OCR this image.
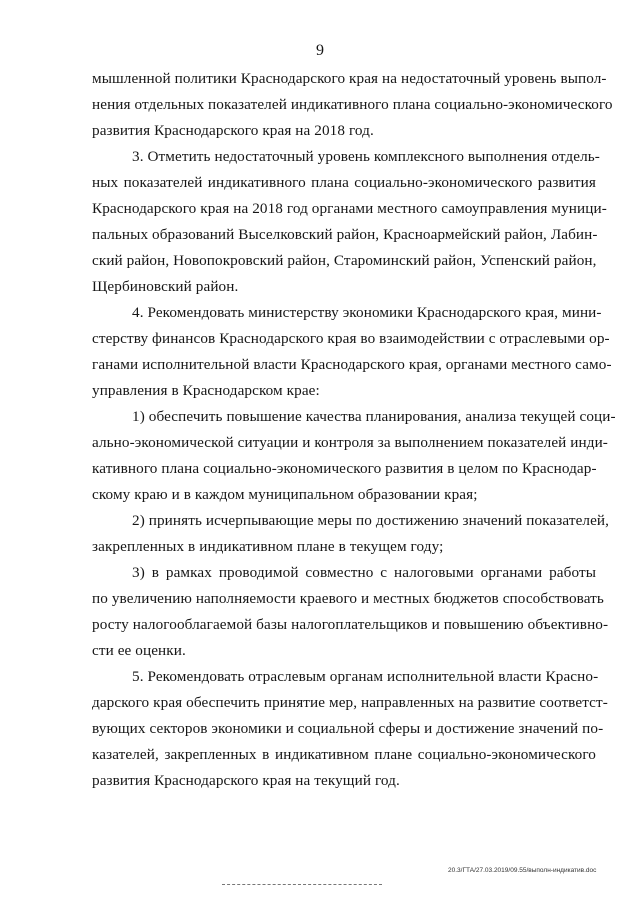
9
мышленной политики Краснодарского края на недостаточный уровень выпол-
нения отдельных показателей индикативного плана социально-экономического
развития Краснодарского края на 2018 год.
3. Отметить недостаточный уровень комплексного выполнения отдель-
ных показателей индикативного плана социально-экономического развития
Краснодарского края на 2018 год органами местного самоуправления муници-
пальных образований Выселковский район, Красноармейский район, Лабин-
ский район, Новопокровский район, Староминский район, Успенский район,
Щербиновский район.
4. Рекомендовать министерству экономики Краснодарского края, мини-
стерству финансов Краснодарского края во взаимодействии с отраслевыми ор-
ганами исполнительной власти Краснодарского края, органами местного само-
управления в Краснодарском крае:
1) обеспечить повышение качества планирования, анализа текущей соци-
ально-экономической ситуации и контроля за выполнением показателей инди-
кативного плана социально-экономического развития в целом по Краснодар-
скому краю и в каждом муниципальном образовании края;
2) принять исчерпывающие меры по достижению значений показателей,
закрепленных в индикативном плане в текущем году;
3) в рамках проводимой совместно с налоговыми органами работы
по увеличению наполняемости краевого и местных бюджетов способствовать
росту налогооблагаемой базы налогоплательщиков и повышению объективно-
сти ее оценки.
5. Рекомендовать отраслевым органам исполнительной власти Красно-
дарского края обеспечить принятие мер, направленных на развитие соответст-
вующих секторов экономики и социальной сферы и достижение значений по-
казателей, закрепленных в индикативном плане социально-экономического
развития Краснодарского края на текущий год.
20.3/ГТА/27.03.2019/09.55/выполн-индикатив.doc
